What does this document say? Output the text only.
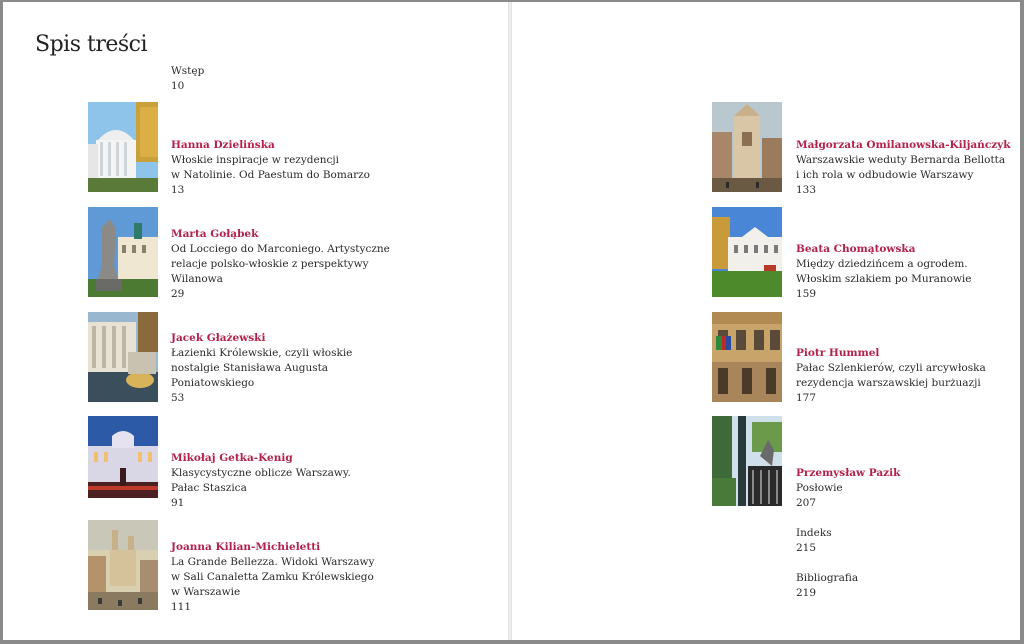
Spis treści
Wstęp
10
Hanna Dzielińska
Włoskie inspiracje w rezydencji
w Natolinie. Od Paestum do Bomarzo
13
Marta Gołąbek
Od Locciego do Marconiego. Artystyczne
relacje polsko-włoskie z perspektywy
Wilanowa
29
Jacek Głażewski
Łazienki Królewskie, czyli włoskie
nostalgie Stanisława Augusta
Poniatowskiego
53
Mikołaj Getka-Kenig
Klasycystyczne oblicze Warszawy.
Pałac Staszica
91
Joanna Kilian-Michieletti
La Grande Bellezza. Widoki Warszawy
w Sali Canaletta Zamku Królewskiego
w Warszawie
111
Małgorzata Omilanowska-Kiljańczyk
Warszawskie weduty Bernarda Bellotta
i ich rola w odbudowie Warszawy
133
Beata Chomątowska
Między dziedzińcem a ogrodem.
Włoskim szlakiem po Muranowie
159
Piotr Hummel
Pałac Szlenkierów, czyli arcywłoska
rezydencja warszawskiej burżuazji
177
Przemysław Pazik
Posłowie
207
Indeks
215
Bibliografia
219
